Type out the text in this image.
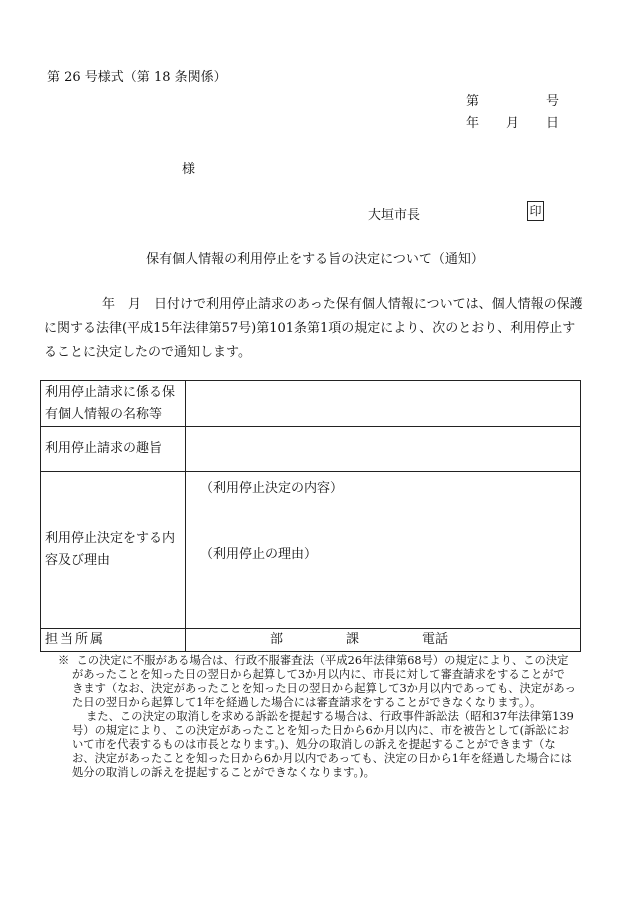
第 26 号様式（第 18 条関係）
第	号
年 月 日
様
大垣市長	印
保有個人情報の利用停止をする旨の決定について（通知）
年　月　日付けで利用停止請求のあった保有個人情報については、個人情報の保護に関する法律(平成15年法律第57号)第101条第1項の規定により、次のとおり、利用停止することに決定したので通知します。
利用停止請求に係る保有個人情報の名称等	
利用停止請求の趣旨	
利用停止決定をする内容及び理由	（利用停止決定の内容）
（利用停止の理由）

担当所属	部 課 電話

※ この決定に不服がある場合は、行政不服審査法（平成26年法律第68号）の規定により、この決定があったことを知った日の翌日から起算して3か月以内に、市長に対して審査請求をすることができます（なお、決定があったことを知った日の翌日から起算して3か月以内であっても、決定があった日の翌日から起算して1年を経過した場合には審査請求をすることができなくなります。）。

また、この決定の取消しを求める訴訟を提起する場合は、行政事件訴訟法（昭和37年法律第139号）の規定により、この決定があったことを知った日から6か月以内に、市を被告として(訴訟において市を代表するものは市長となります。)、処分の取消しの訴えを提起することができます（なお、決定があったことを知った日から6か月以内であっても、決定の日から1年を経過した場合には処分の取消しの訴えを提起することができなくなります。)。
